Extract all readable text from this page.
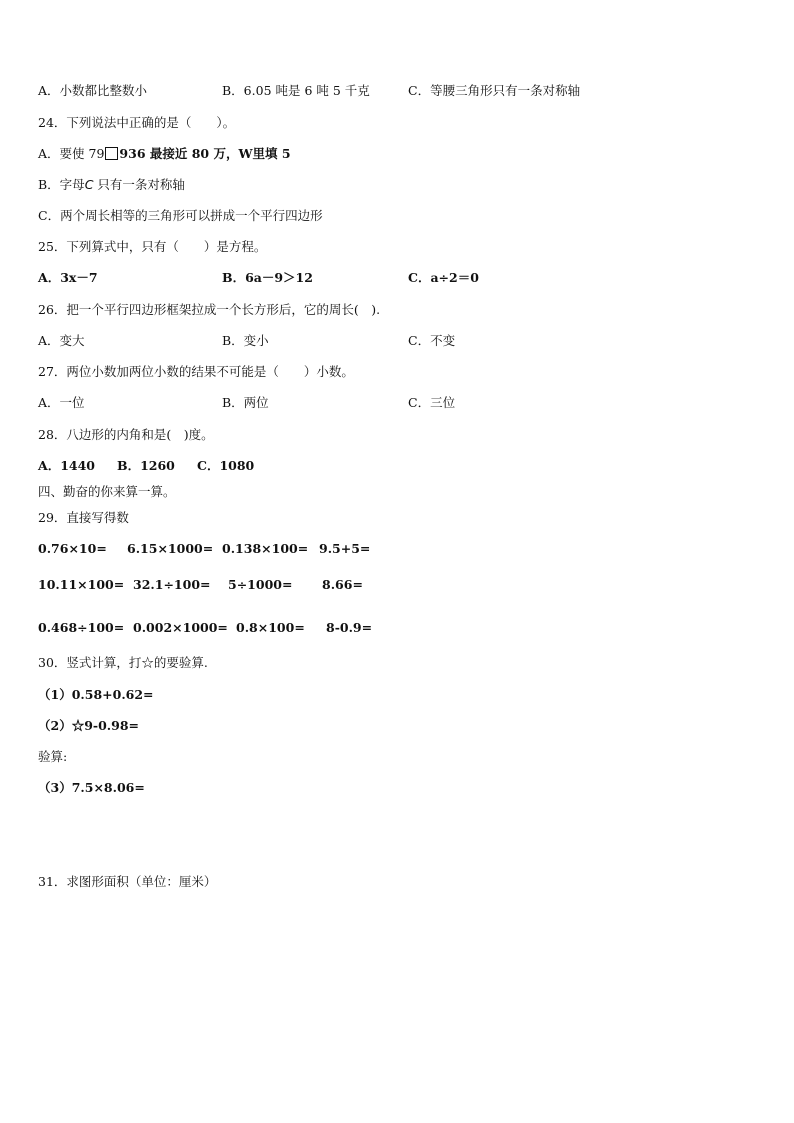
A．小数都比整数小	B．6.05 吨是 6 吨 5 千克	C．等腰三角形只有一条对称轴
24．下列说法中正确的是（　　）。
A．要使 79 936 最接近 80 万，W里填 5
B．字母C 只有一条对称轴
C．两个周长相等的三角形可以拼成一个平行四边形
25．下列算式中，只有（　　）是方程。
A．3x－7	B．6a－9＞12	C．a÷2＝0
26．把一个平行四边形框架拉成一个长方形后，它的周长(　).
A．变大	B．变小	C．不变
27．两位小数加两位小数的结果不可能是（　　）小数。
A．一位	B．两位	C．三位
28．八边形的内角和是(　)度。
A．1440 B．1260 C．1080
四、勤奋的你来算一算。
29．直接写得数
0.76×10= 6.15×1000= 0.138×100= 9.5+5=
10.11×100= 32.1÷100= 5÷1000= 8.66=
0.468÷100= 0.002×1000= 0.8×100= 8-0.9=
30．竖式计算，打☆的要验算.
（1）0.58+0.62=
（2）☆9-0.98=
验算:
（3）7.5×8.06=
31．求图形面积（单位：厘米）
